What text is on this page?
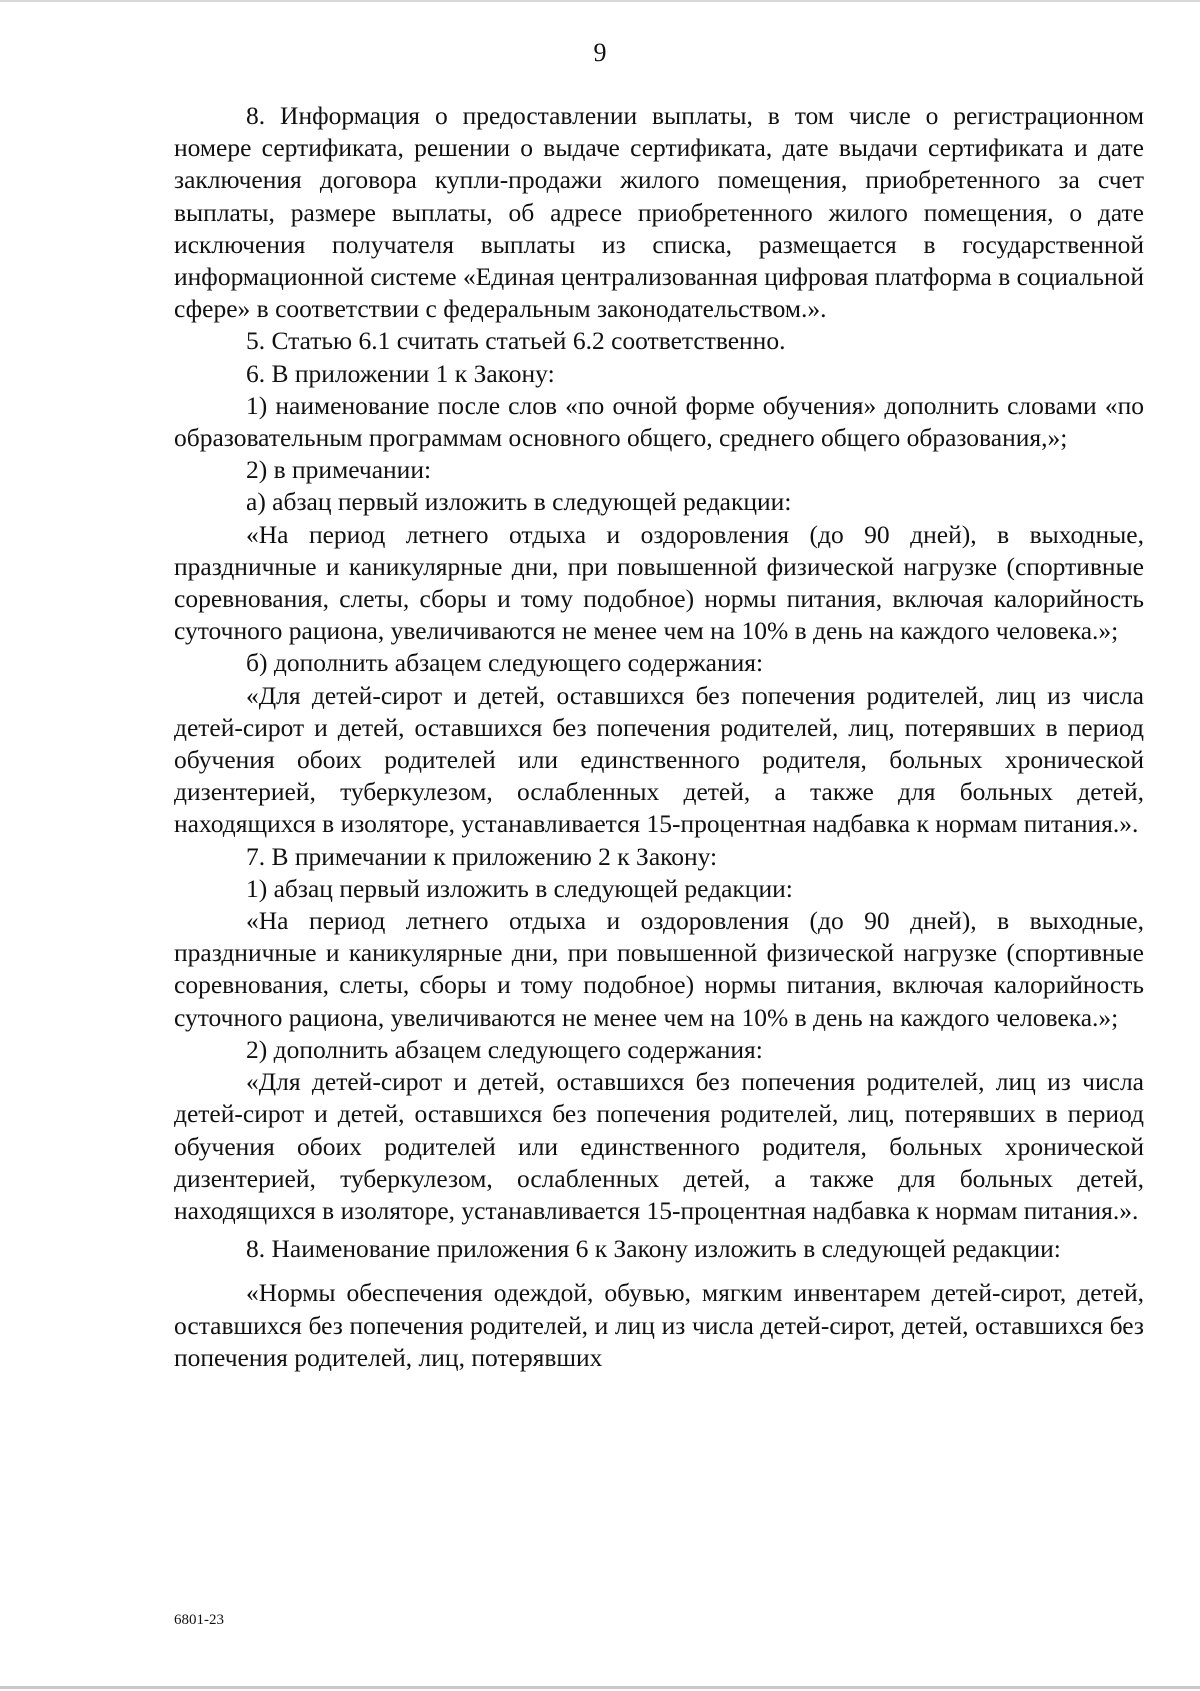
9

8. Информация о предоставлении выплаты, в том числе о регистрационном номере сертификата, решении о выдаче сертификата, дате выдачи сертификата и дате заключения договора купли-продажи жилого помещения, приобретенного за счет выплаты, размере выплаты, об адресе приобретенного жилого помещения, о дате исключения получателя выплаты из списка, размещается в государственной информационной системе «Единая централизованная цифровая платформа в социальной сфере» в соответствии с федеральным законодательством.».

5. Статью 6.1 считать статьей 6.2 соответственно.

6. В приложении 1 к Закону:

1) наименование после слов «по очной форме обучения» дополнить словами «по образовательным программам основного общего, среднего общего образования,»;

2) в примечании:

а) абзац первый изложить в следующей редакции:

«На период летнего отдыха и оздоровления (до 90 дней), в выходные, праздничные и каникулярные дни, при повышенной физической нагрузке (спортивные соревнования, слеты, сборы и тому подобное) нормы питания, включая калорийность суточного рациона, увеличиваются не менее чем на 10% в день на каждого человека.»;

б) дополнить абзацем следующего содержания:

«Для детей-сирот и детей, оставшихся без попечения родителей, лиц из числа детей-сирот и детей, оставшихся без попечения родителей, лиц, потерявших в период обучения обоих родителей или единственного родителя, больных хронической дизентерией, туберкулезом, ослабленных детей, а также для больных детей, находящихся в изоляторе, устанавливается 15-процентная надбавка к нормам питания.».

7. В примечании к приложению 2 к Закону:

1) абзац первый изложить в следующей редакции:

«На период летнего отдыха и оздоровления (до 90 дней), в выходные, праздничные и каникулярные дни, при повышенной физической нагрузке (спортивные соревнования, слеты, сборы и тому подобное) нормы питания, включая калорийность суточного рациона, увеличиваются не менее чем на 10% в день на каждого человека.»;

2) дополнить абзацем следующего содержания:

«Для детей-сирот и детей, оставшихся без попечения родителей, лиц из числа детей-сирот и детей, оставшихся без попечения родителей, лиц, потерявших в период обучения обоих родителей или единственного родителя, больных хронической дизентерией, туберкулезом, ослабленных детей, а также для больных детей, находящихся в изоляторе, устанавливается 15-процентная надбавка к нормам питания.».

8. Наименование приложения 6 к Закону изложить в следующей редакции:

«Нормы обеспечения одеждой, обувью, мягким инвентарем детей-сирот, детей, оставшихся без попечения родителей, и лиц из числа детей-сирот, детей, оставшихся без попечения родителей, лиц, потерявших

6801-23
